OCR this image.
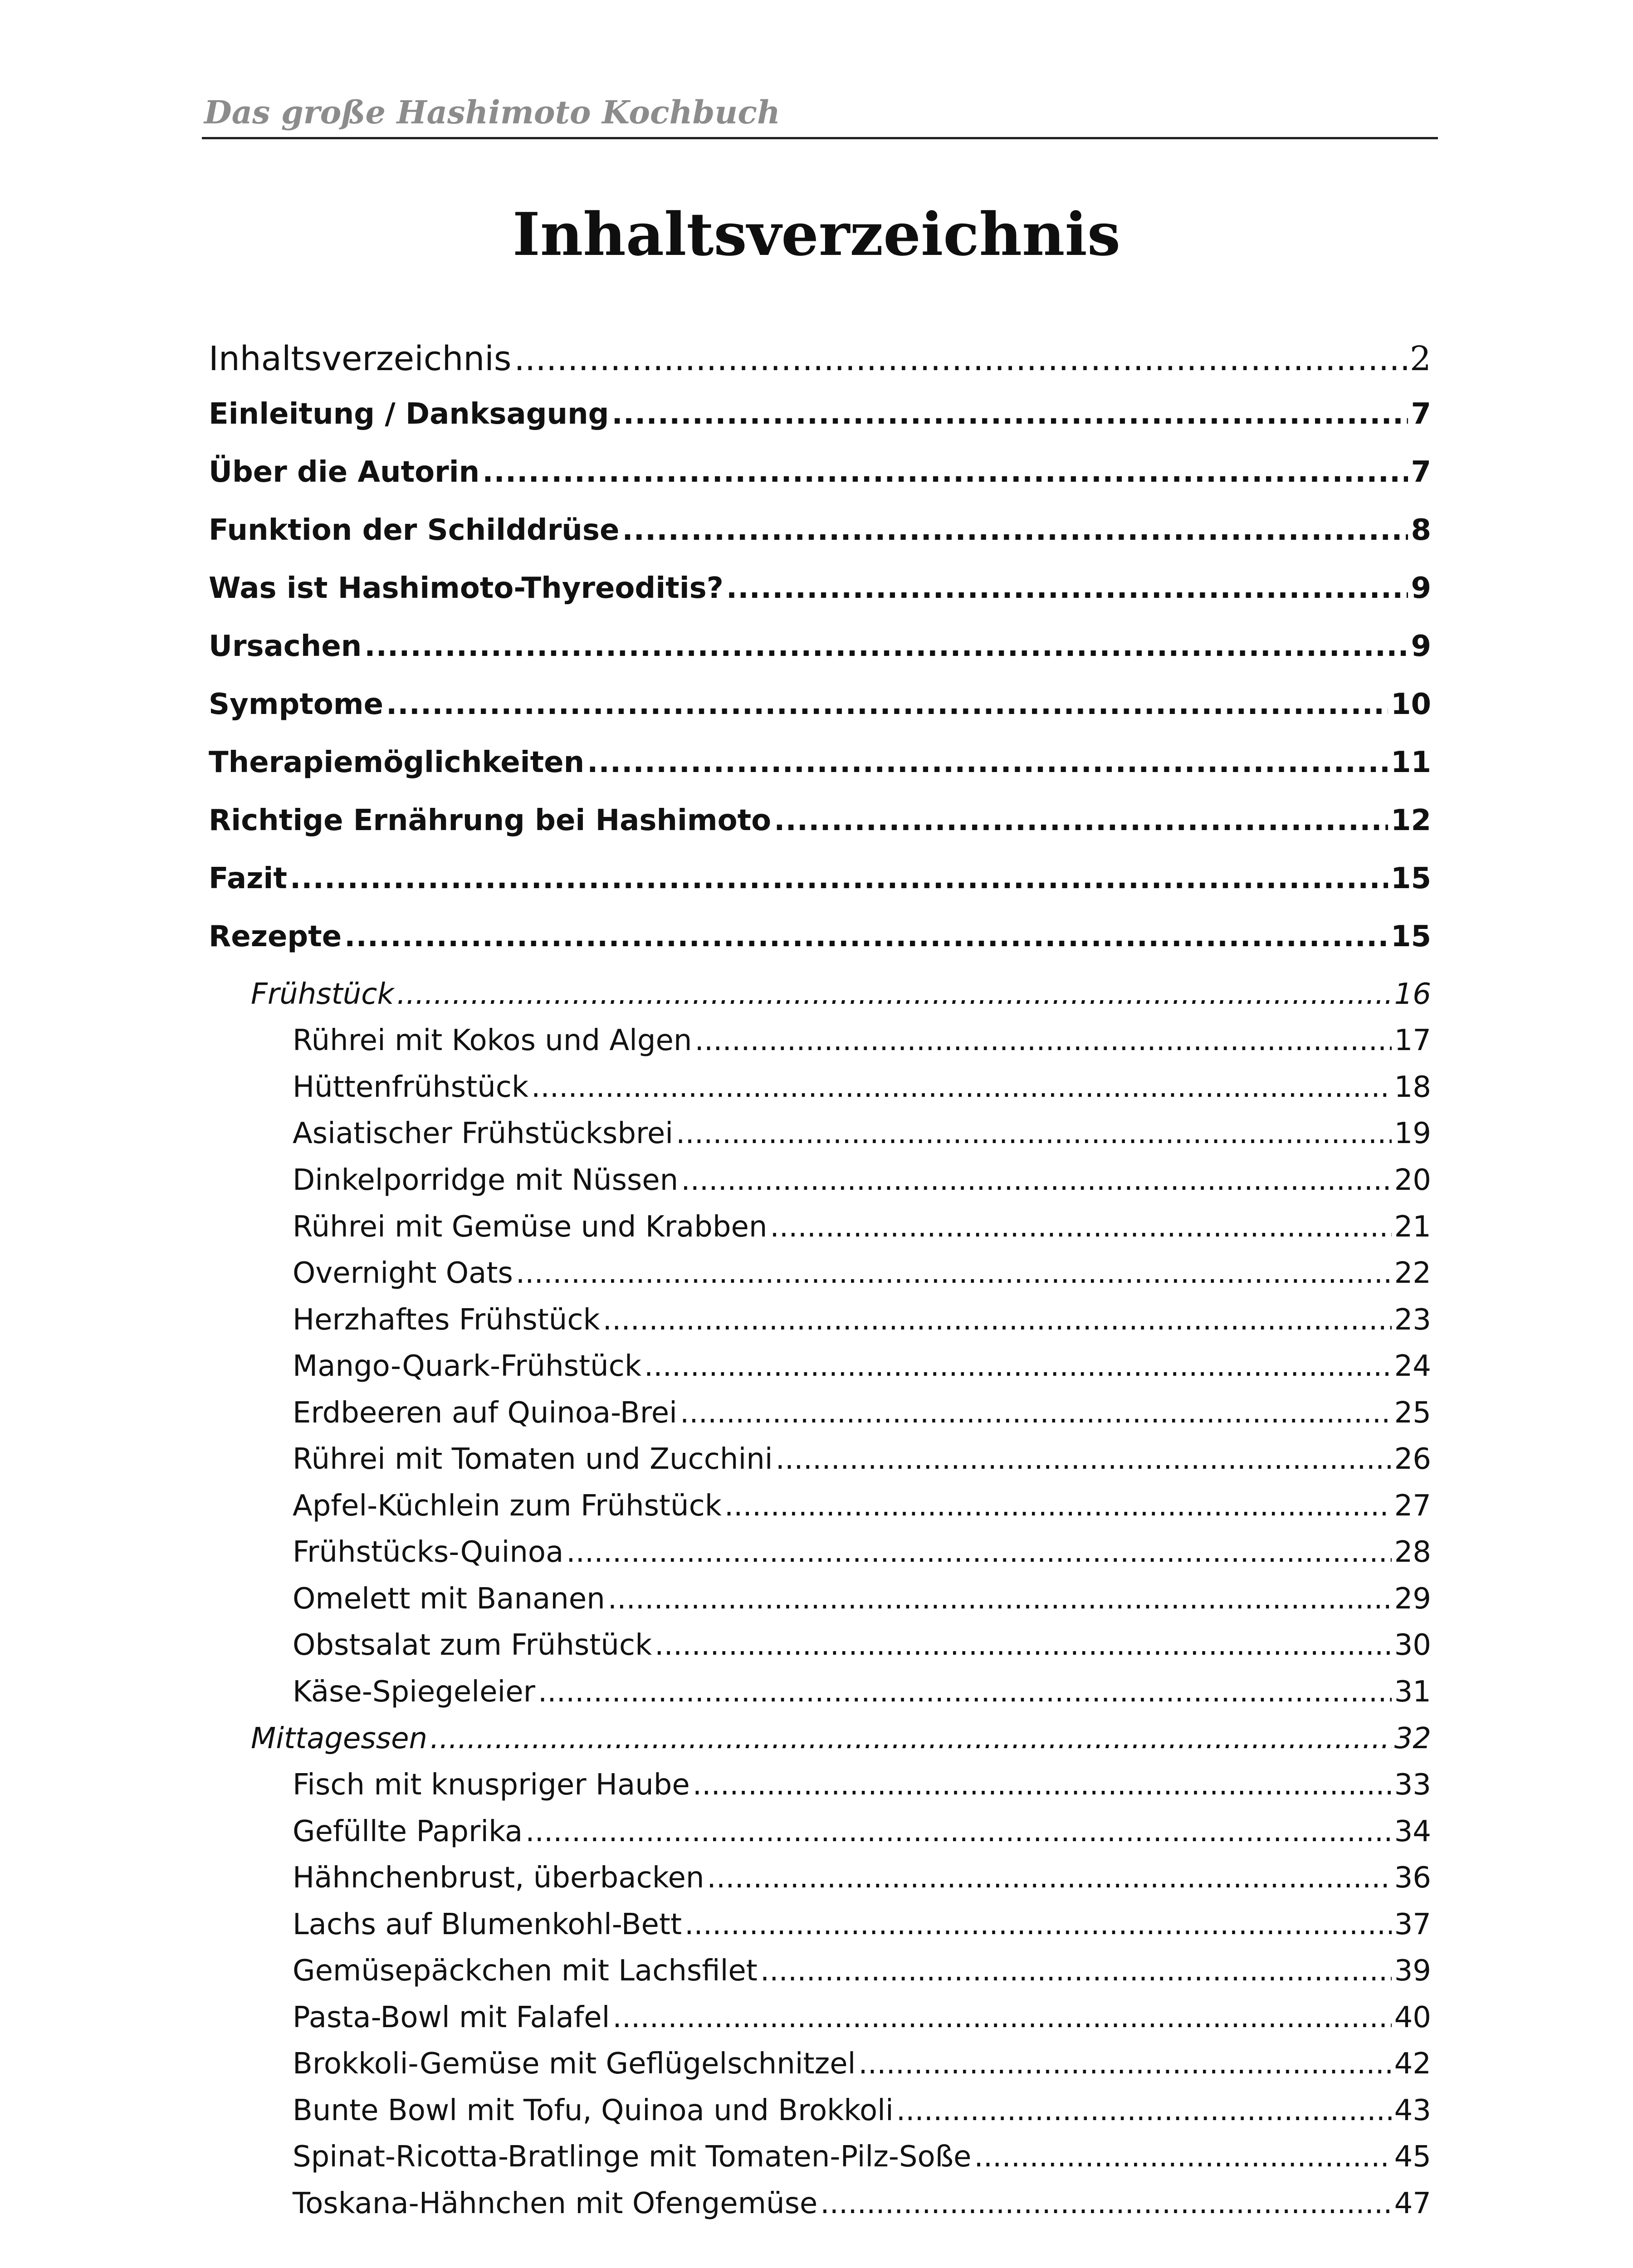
Das große Hashimoto Kochbuch
Inhaltsverzeichnis
Inhaltsverzeichnis .....	2
Einleitung / Danksagung .....	7
Über die Autorin .....	7
Funktion der Schilddrüse .....	8
Was ist Hashimoto-Thyreoditis? .....	9
Ursachen .....	9
Symptome .....	10
Therapiemöglichkeiten .....	11
Richtige Ernährung bei Hashimoto .....	12
Fazit .....	15
Rezepte .....	15
Frühstück .....	16
Rührei mit Kokos und Algen .....	17
Hüttenfrühstück .....	18
Asiatischer Frühstücksbrei .....	19
Dinkelporridge mit Nüssen .....	20
Rührei mit Gemüse und Krabben .....	21
Overnight Oats .....	22
Herzhaftes Frühstück .....	23
Mango-Quark-Frühstück .....	24
Erdbeeren auf Quinoa-Brei .....	25
Rührei mit Tomaten und Zucchini .....	26
Apfel-Küchlein zum Frühstück .....	27
Frühstücks-Quinoa .....	28
Omelett mit Bananen .....	29
Obstsalat zum Frühstück .....	30
Käse-Spiegeleier .....	31
Mittagessen .....	32
Fisch mit knuspriger Haube .....	33
Gefüllte Paprika .....	34
Hähnchenbrust, überbacken .....	36
Lachs auf Blumenkohl-Bett .....	37
Gemüsepäckchen mit Lachsfilet .....	39
Pasta-Bowl mit Falafel .....	40
Brokkoli-Gemüse mit Geflügelschnitzel .....	42
Bunte Bowl mit Tofu, Quinoa und Brokkoli .....	43
Spinat-Ricotta-Bratlinge mit Tomaten-Pilz-Soße .....	45
Toskana-Hähnchen mit Ofengemüse .....	47
